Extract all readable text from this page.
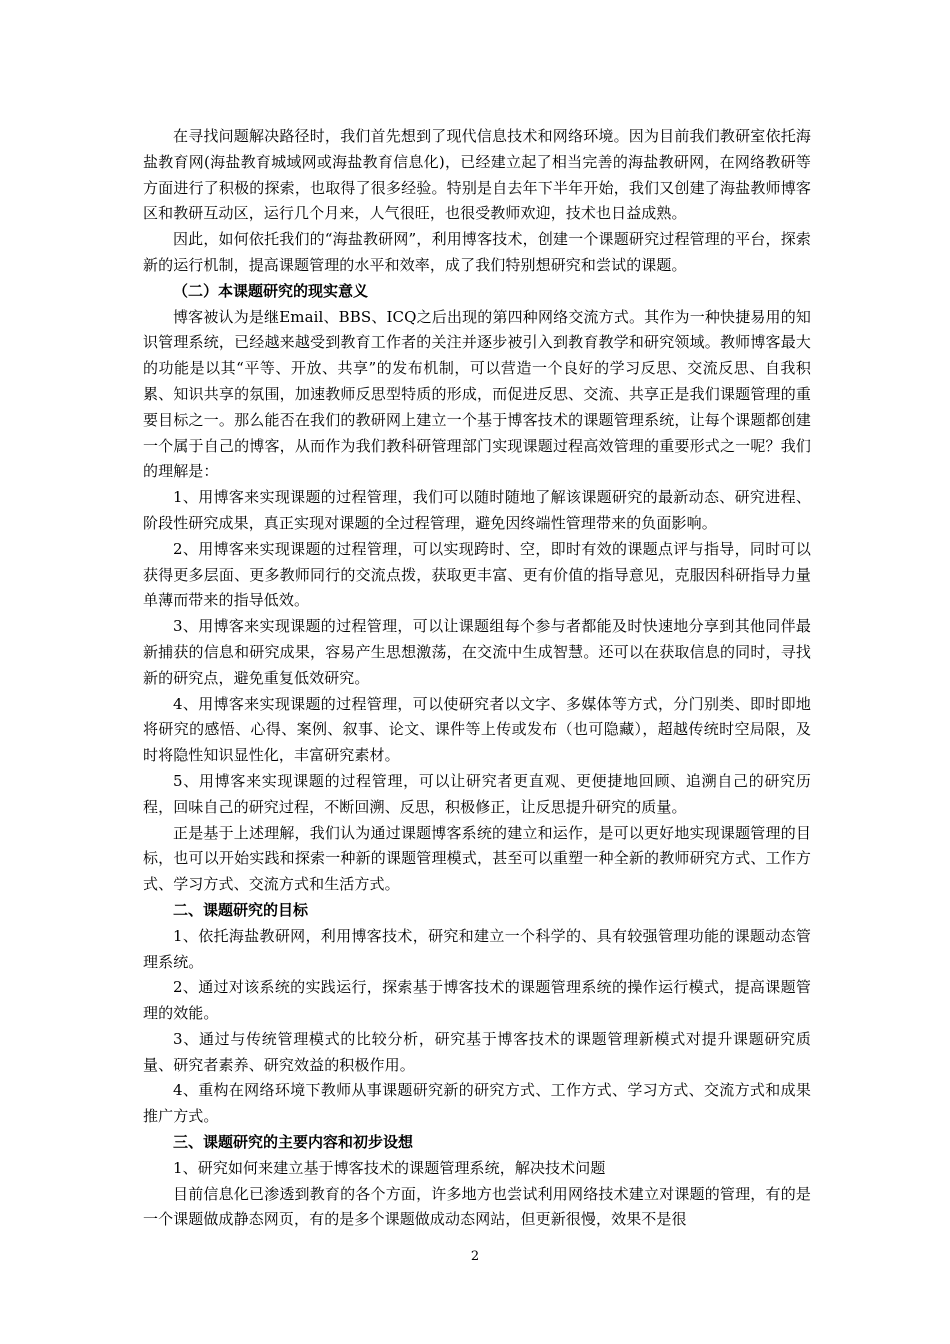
在寻找问题解决路径时，我们首先想到了现代信息技术和网络环境。因为目前我们教研室依托海盐教育网(海盐教育城域网或海盐教育信息化)，已经建立起了相当完善的海盐教研网，在网络教研等方面进行了积极的探索，也取得了很多经验。特别是自去年下半年开始，我们又创建了海盐教师博客区和教研互动区，运行几个月来，人气很旺，也很受教师欢迎，技术也日益成熟。

因此，如何依托我们的“海盐教研网”，利用博客技术，创建一个课题研究过程管理的平台，探索新的运行机制，提高课题管理的水平和效率，成了我们特别想研究和尝试的课题。

（二）本课题研究的现实意义

博客被认为是继Email、BBS、ICQ之后出现的第四种网络交流方式。其作为一种快捷易用的知识管理系统，已经越来越受到教育工作者的关注并逐步被引入到教育教学和研究领域。教师博客最大的功能是以其“平等、开放、共享”的发布机制，可以营造一个良好的学习反思、交流反思、自我积累、知识共享的氛围，加速教师反思型特质的形成，而促进反思、交流、共享正是我们课题管理的重要目标之一。那么能否在我们的教研网上建立一个基于博客技术的课题管理系统，让每个课题都创建一个属于自己的博客，从而作为我们教科研管理部门实现课题过程高效管理的重要形式之一呢？我们的理解是：

1、用博客来实现课题的过程管理，我们可以随时随地了解该课题研究的最新动态、研究进程、阶段性研究成果，真正实现对课题的全过程管理，避免因终端性管理带来的负面影响。

2、用博客来实现课题的过程管理，可以实现跨时、空，即时有效的课题点评与指导，同时可以获得更多层面、更多教师同行的交流点拨，获取更丰富、更有价值的指导意见，克服因科研指导力量单薄而带来的指导低效。

3、用博客来实现课题的过程管理，可以让课题组每个参与者都能及时快速地分享到其他同伴最新捕获的信息和研究成果，容易产生思想激荡，在交流中生成智慧。还可以在获取信息的同时，寻找新的研究点，避免重复低效研究。

4、用博客来实现课题的过程管理，可以使研究者以文字、多媒体等方式，分门别类、即时即地将研究的感悟、心得、案例、叙事、论文、课件等上传或发布（也可隐藏），超越传统时空局限，及时将隐性知识显性化，丰富研究素材。

5、用博客来实现课题的过程管理，可以让研究者更直观、更便捷地回顾、追溯自己的研究历程，回味自己的研究过程，不断回溯、反思，积极修正，让反思提升研究的质量。

正是基于上述理解，我们认为通过课题博客系统的建立和运作，是可以更好地实现课题管理的目标，也可以开始实践和探索一种新的课题管理模式，甚至可以重塑一种全新的教师研究方式、工作方式、学习方式、交流方式和生活方式。

二、课题研究的目标

1、依托海盐教研网，利用博客技术，研究和建立一个科学的、具有较强管理功能的课题动态管理系统。

2、通过对该系统的实践运行，探索基于博客技术的课题管理系统的操作运行模式，提高课题管理的效能。

3、通过与传统管理模式的比较分析，研究基于博客技术的课题管理新模式对提升课题研究质量、研究者素养、研究效益的积极作用。

4、重构在网络环境下教师从事课题研究新的研究方式、工作方式、学习方式、交流方式和成果推广方式。

三、课题研究的主要内容和初步设想

1、研究如何来建立基于博客技术的课题管理系统，解决技术问题

目前信息化已渗透到教育的各个方面，许多地方也尝试利用网络技术建立对课题的管理，有的是一个课题做成静态网页，有的是多个课题做成动态网站，但更新很慢，效果不是很

2
